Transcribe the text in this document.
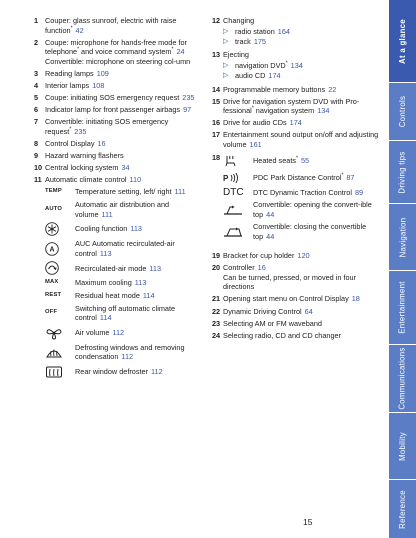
1 Couper: glass sunroof, electric with raise function* 42
2 Coupe: microphone for hands-free mode for telephone* and voice command system* 24
Convertible: microphone on steering col-umn
3 Reading lamps 109
4 Interior lamps 108
5 Coupe: initiating SOS emergency request 235
6 Indicator lamp for front passenger airbags 97
7 Convertible: initiating SOS emergency request* 235
8 Control Display 16
9 Hazard warning flashers
10 Central locking system 34
11 Automatic climate control 110
TEMP Temperature setting, left/ right 111
AUTO Automatic air distribution and volume 111
Cooling function 113
A
AUC Automatic recirculated-air control 113
Recirculated-air mode 113
MAX Maximum cooling 113
REST Residual heat mode 114
OFF Switching off automatic climate control 114
Air volume 112
Defrosting windows and removing condensation 112
Rear window defroster 112
12 Changing
▷ radio station 164
▷ track 175
13 Ejecting
▷ navigation DVD* 134
▷ audio CD 174
14 Programmable memory buttons 22
15 Drive for navigation system DVD with Pro-fessional* navigation system 134
16 Drive for audio CDs 174
17 Entertainment sound output on/off and adjusting volume 161
18	Heated seats* 55
P	PDC Park Distance Control* 87
DTC DTC Dynamic Traction Control 89
Convertible: opening the convert-ible top 44
Convertible: closing the convertible top 44
19 Bracket for cup holder 120
20 Controller 16
Can be turned, pressed, or moved in four directions
21 Opening start menu on Control Display 18
22 Dynamic Driving Control 64
23 Selecting AM or FM waveband
24 Selecting radio, CD and CD changer
At a glance
Controls
Driving tips
Navigation
Entertainment
Communications
Mobility
Reference
15
